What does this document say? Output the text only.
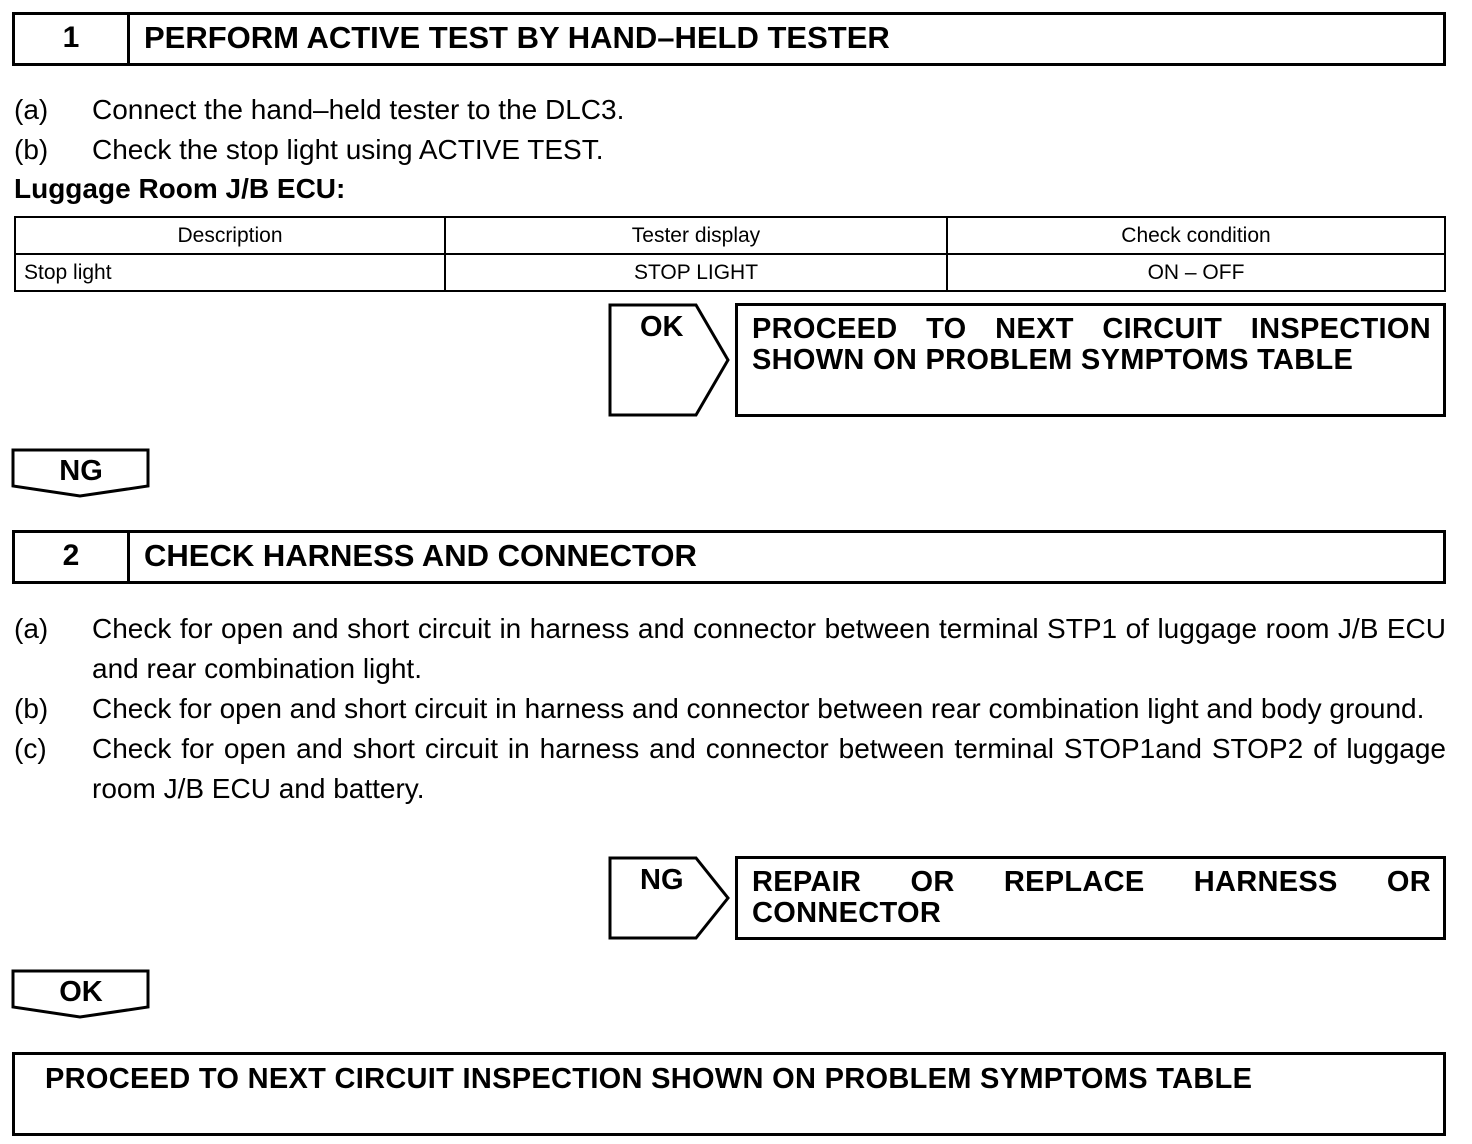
1	PERFORM ACTIVE TEST BY HAND–HELD TESTER
(a)	Connect the hand–held tester to the DLC3.
(b)	Check the stop light using ACTIVE TEST.
Luggage Room J/B ECU:
Description	Tester display	Check condition
Stop light	STOP LIGHT	ON – OFF
OK	PROCEED TO NEXT CIRCUIT INSPECTION SHOWN ON PROBLEM SYMPTOMS TABLE
NG
2	CHECK HARNESS AND CONNECTOR
(a)	Check for open and short circuit in harness and connector between terminal STP1 of luggage room J/B ECU and rear combination light.
(b)	Check for open and short circuit in harness and connector between rear combination light and body ground.
(c)	Check for open and short circuit in harness and connector between terminal STOP1and STOP2 of luggage room J/B ECU and battery.
NG	REPAIR OR REPLACE HARNESS OR CONNECTOR
OK
PROCEED TO NEXT CIRCUIT INSPECTION SHOWN ON PROBLEM SYMPTOMS TABLE
